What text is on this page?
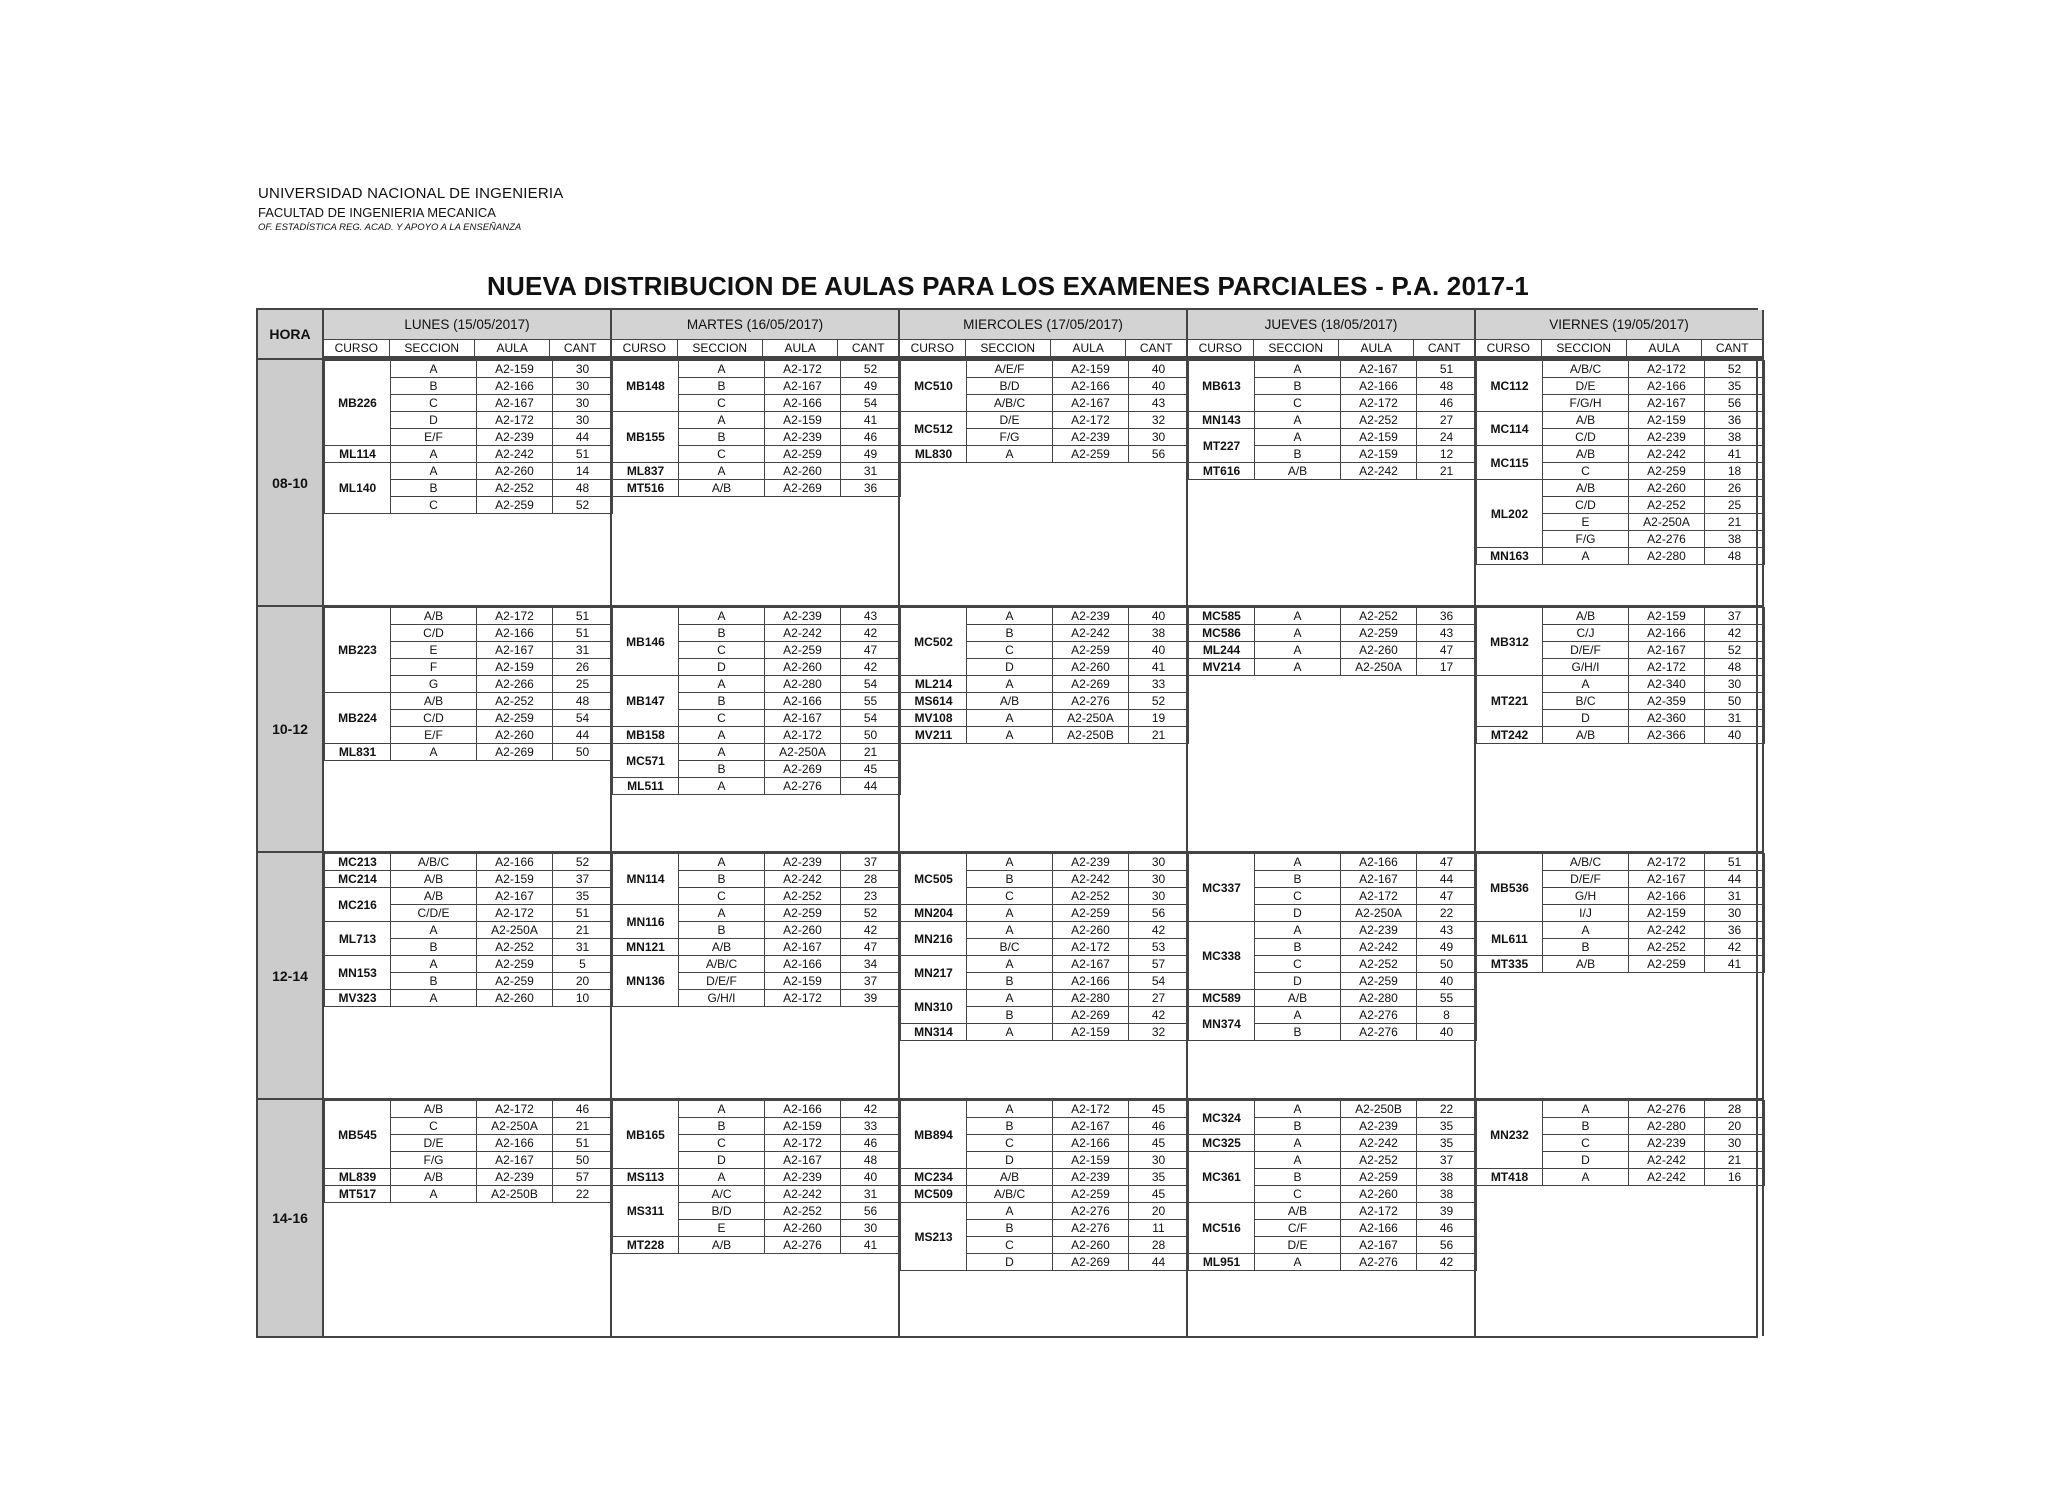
UNIVERSIDAD NACIONAL DE INGENIERIA
FACULTAD DE INGENIERIA MECANICA
OF. ESTADÍSTICA REG. ACAD. Y APOYO A LA ENSEÑANZA
NUEVA DISTRIBUCION DE AULAS PARA LOS EXAMENES PARCIALES - P.A. 2017-1
HORA
LUNES (15/05/2017)
CURSO	SECCION	AULA	CANT
MARTES (16/05/2017)
CURSO	SECCION	AULA	CANT
MIERCOLES (17/05/2017)
CURSO	SECCION	AULA	CANT
JUEVES (18/05/2017)
CURSO	SECCION	AULA	CANT
VIERNES (19/05/2017)
CURSO	SECCION	AULA	CANT
08-10
MB226	A	A2-159	30
	B	A2-166	30
	C	A2-167	30
	D	A2-172	30
	E/F	A2-239	44
ML114	A	A2-242	51
ML140	A	A2-260	14
	B	A2-252	48
	C	A2-259	52
MB148	A	A2-172	52
	B	A2-167	49
	C	A2-166	54
MB155	A	A2-159	41
	B	A2-239	46
	C	A2-259	49
ML837	A	A2-260	31
MT516	A/B	A2-269	36
MC510	A/E/F	A2-159	40
	B/D	A2-166	40
	A/B/C	A2-167	43
MC512	D/E	A2-172	32
	F/G	A2-239	30
ML830	A	A2-259	56
MB613	A	A2-167	51
	B	A2-166	48
	C	A2-172	46
MN143	A	A2-252	27
MT227	A	A2-159	24
	B	A2-159	12
MT616	A/B	A2-242	21
MC112	A/B/C	A2-172	52
	D/E	A2-166	35
	F/G/H	A2-167	56
MC114	A/B	A2-159	36
	C/D	A2-239	38
MC115	A/B	A2-242	41
	C	A2-259	18
ML202	A/B	A2-260	26
	C/D	A2-252	25
	E	A2-250A	21
	F/G	A2-276	38
MN163	A	A2-280	48
10-12
MB223	A/B	A2-172	51
	C/D	A2-166	51
	E	A2-167	31
	F	A2-159	26
	G	A2-266	25
MB224	A/B	A2-252	48
	C/D	A2-259	54
	E/F	A2-260	44
ML831	A	A2-269	50
MB146	A	A2-239	43
	B	A2-242	42
	C	A2-259	47
	D	A2-260	42
MB147	A	A2-280	54
	B	A2-166	55
	C	A2-167	54
MB158	A	A2-172	50
MC571	A	A2-250A	21
	B	A2-269	45
ML511	A	A2-276	44
MC502	A	A2-239	40
	B	A2-242	38
	C	A2-259	40
	D	A2-260	41
ML214	A	A2-269	33
MS614	A/B	A2-276	52
MV108	A	A2-250A	19
MV211	A	A2-250B	21
MC585	A	A2-252	36
MC586	A	A2-259	43
ML244	A	A2-260	47
MV214	A	A2-250A	17
MB312	A/B	A2-159	37
	C/J	A2-166	42
	D/E/F	A2-167	52
	G/H/I	A2-172	48
MT221	A	A2-340	30
	B/C	A2-359	50
	D	A2-360	31
MT242	A/B	A2-366	40
12-14
MC213	A/B/C	A2-166	52
MC214	A/B	A2-159	37
MC216	A/B	A2-167	35
	C/D/E	A2-172	51
ML713	A	A2-250A	21
	B	A2-252	31
MN153	A	A2-259	5
	B	A2-259	20
MV323	A	A2-260	10
MN114	A	A2-239	37
	B	A2-242	28
	C	A2-252	23
MN116	A	A2-259	52
	B	A2-260	42
MN121	A/B	A2-167	47
MN136	A/B/C	A2-166	34
	D/E/F	A2-159	37
	G/H/I	A2-172	39
MC505	A	A2-239	30
	B	A2-242	30
	C	A2-252	30
MN204	A	A2-259	56
MN216	A	A2-260	42
	B/C	A2-172	53
MN217	A	A2-167	57
	B	A2-166	54
MN310	A	A2-280	27
	B	A2-269	42
MN314	A	A2-159	32
MC337	A	A2-166	47
	B	A2-167	44
	C	A2-172	47
	D	A2-250A	22
MC338	A	A2-239	43
	B	A2-242	49
	C	A2-252	50
	D	A2-259	40
MC589	A/B	A2-280	55
MN374	A	A2-276	8
	B	A2-276	40
MB536	A/B/C	A2-172	51
	D/E/F	A2-167	44
	G/H	A2-166	31
	I/J	A2-159	30
ML611	A	A2-242	36
	B	A2-252	42
MT335	A/B	A2-259	41
14-16
MB545	A/B	A2-172	46
	C	A2-250A	21
	D/E	A2-166	51
	F/G	A2-167	50
ML839	A/B	A2-239	57
MT517	A	A2-250B	22
MB165	A	A2-166	42
	B	A2-159	33
	C	A2-172	46
	D	A2-167	48
MS113	A	A2-239	40
MS311	A/C	A2-242	31
	B/D	A2-252	56
	E	A2-260	30
MT228	A/B	A2-276	41
MB894	A	A2-172	45
	B	A2-167	46
	C	A2-166	45
	D	A2-159	30
MC234	A/B	A2-239	35
MC509	A/B/C	A2-259	45
MS213	A	A2-276	20
	B	A2-276	11
	C	A2-260	28
	D	A2-269	44
MC324	A	A2-250B	22
	B	A2-239	35
MC325	A	A2-242	35
MC361	A	A2-252	37
	B	A2-259	38
	C	A2-260	38
MC516	A/B	A2-172	39
	C/F	A2-166	46
	D/E	A2-167	56
ML951	A	A2-276	42
MN232	A	A2-276	28
	B	A2-280	20
	C	A2-239	30
	D	A2-242	21
MT418	A	A2-242	16
